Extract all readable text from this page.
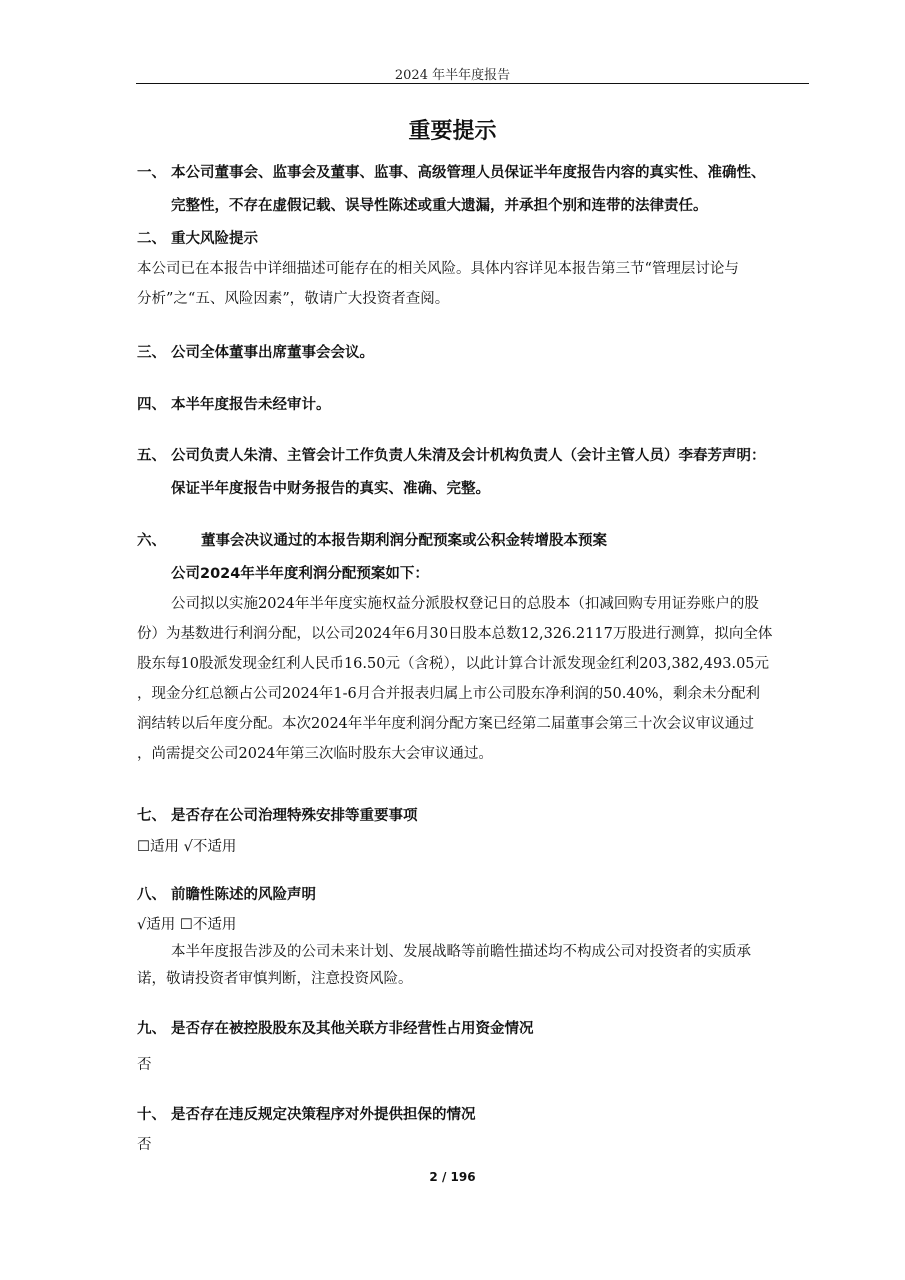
2024 年半年度报告
重要提示
一、 本公司董事会、监事会及董事、监事、高级管理人员保证半年度报告内容的真实性、准确性、
完整性，不存在虚假记载、误导性陈述或重大遗漏，并承担个别和连带的法律责任。
二、 重大风险提示
本公司已在本报告中详细描述可能存在的相关风险。具体内容详见本报告第三节“管理层讨论与
分析”之“五、风险因素”，敬请广大投资者查阅。
三、 公司全体董事出席董事会会议。
四、 本半年度报告未经审计。
五、 公司负责人朱清、主管会计工作负责人朱清及会计机构负责人（会计主管人员）李春芳声明：
保证半年度报告中财务报告的真实、准确、完整。
六、 董事会决议通过的本报告期利润分配预案或公积金转增股本预案
公司2024年半年度利润分配预案如下：
公司拟以实施2024年半年度实施权益分派股权登记日的总股本（扣减回购专用证券账户的股
份）为基数进行利润分配，以公司2024年6月30日股本总数12,326.2117万股进行测算，拟向全体
股东每10股派发现金红利人民币16.50元（含税），以此计算合计派发现金红利203,382,493.05元
，现金分红总额占公司2024年1-6月合并报表归属上市公司股东净利润的50.40%，剩余未分配利
润结转以后年度分配。本次2024年半年度利润分配方案已经第二届董事会第三十次会议审议通过
，尚需提交公司2024年第三次临时股东大会审议通过。
七、 是否存在公司治理特殊安排等重要事项
☐适用 √不适用
八、 前瞻性陈述的风险声明
√适用 ☐不适用
本半年度报告涉及的公司未来计划、发展战略等前瞻性描述均不构成公司对投资者的实质承
诺，敬请投资者审慎判断，注意投资风险。
九、 是否存在被控股股东及其他关联方非经营性占用资金情况
否
十、 是否存在违反规定决策程序对外提供担保的情况
否
2 / 196
